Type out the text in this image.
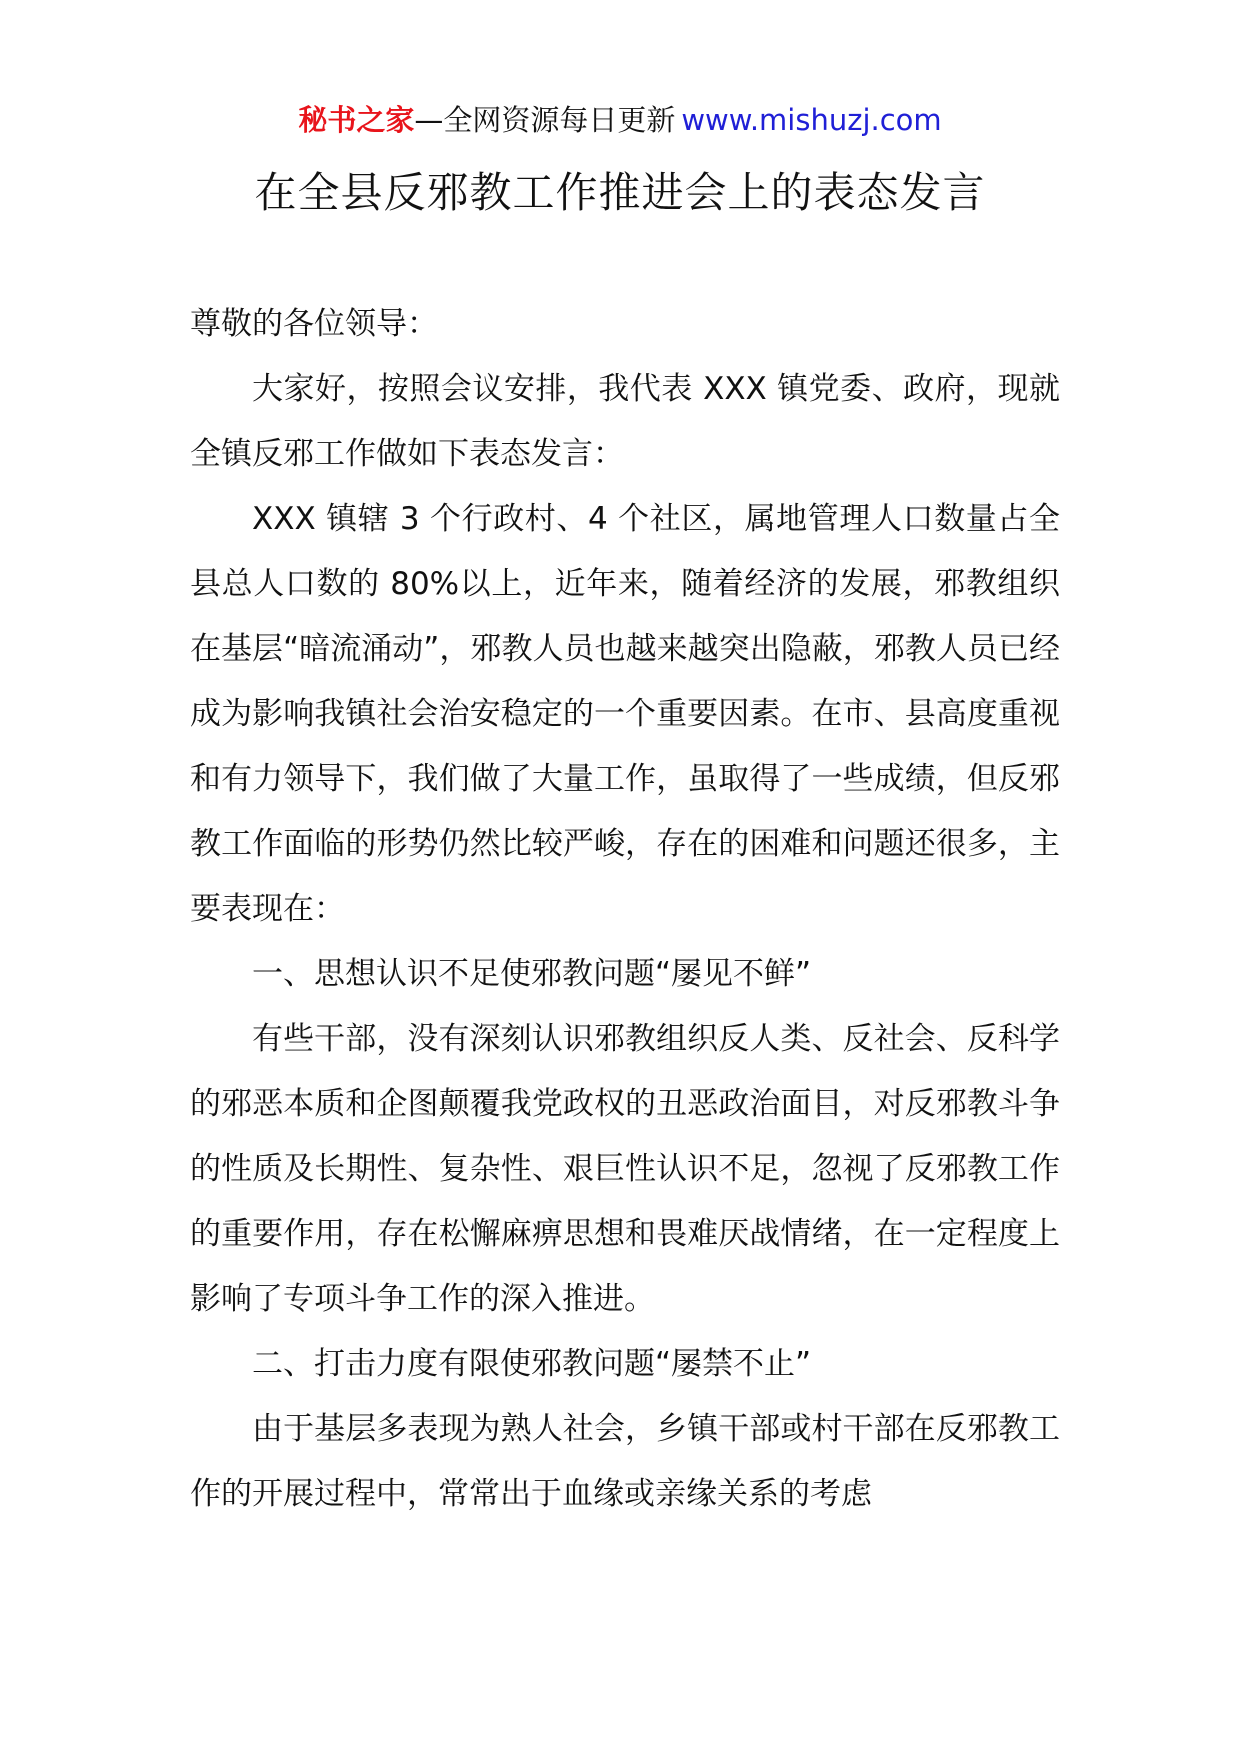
秘书之家—全网资源每日更新 www.mishuzj.com
在全县反邪教工作推进会上的表态发言

尊敬的各位领导：

大家好，按照会议安排，我代表 XXX 镇党委、政府，现就全镇反邪工作做如下表态发言：

XXX 镇辖 3 个行政村、4 个社区，属地管理人口数量占全县总人口数的 80%以上，近年来，随着经济的发展，邪教组织在基层“暗流涌动”，邪教人员也越来越突出隐蔽，邪教人员已经成为影响我镇社会治安稳定的一个重要因素。在市、县高度重视和有力领导下，我们做了大量工作，虽取得了一些成绩，但反邪教工作面临的形势仍然比较严峻，存在的困难和问题还很多，主要表现在：

一、思想认识不足使邪教问题“屡见不鲜”

有些干部，没有深刻认识邪教组织反人类、反社会、反科学的邪恶本质和企图颠覆我党政权的丑恶政治面目，对反邪教斗争的性质及长期性、复杂性、艰巨性认识不足，忽视了反邪教工作的重要作用，存在松懈麻痹思想和畏难厌战情绪，在一定程度上影响了专项斗争工作的深入推进。

二、打击力度有限使邪教问题“屡禁不止”

由于基层多表现为熟人社会，乡镇干部或村干部在反邪教工作的开展过程中，常常出于血缘或亲缘关系的考虑
